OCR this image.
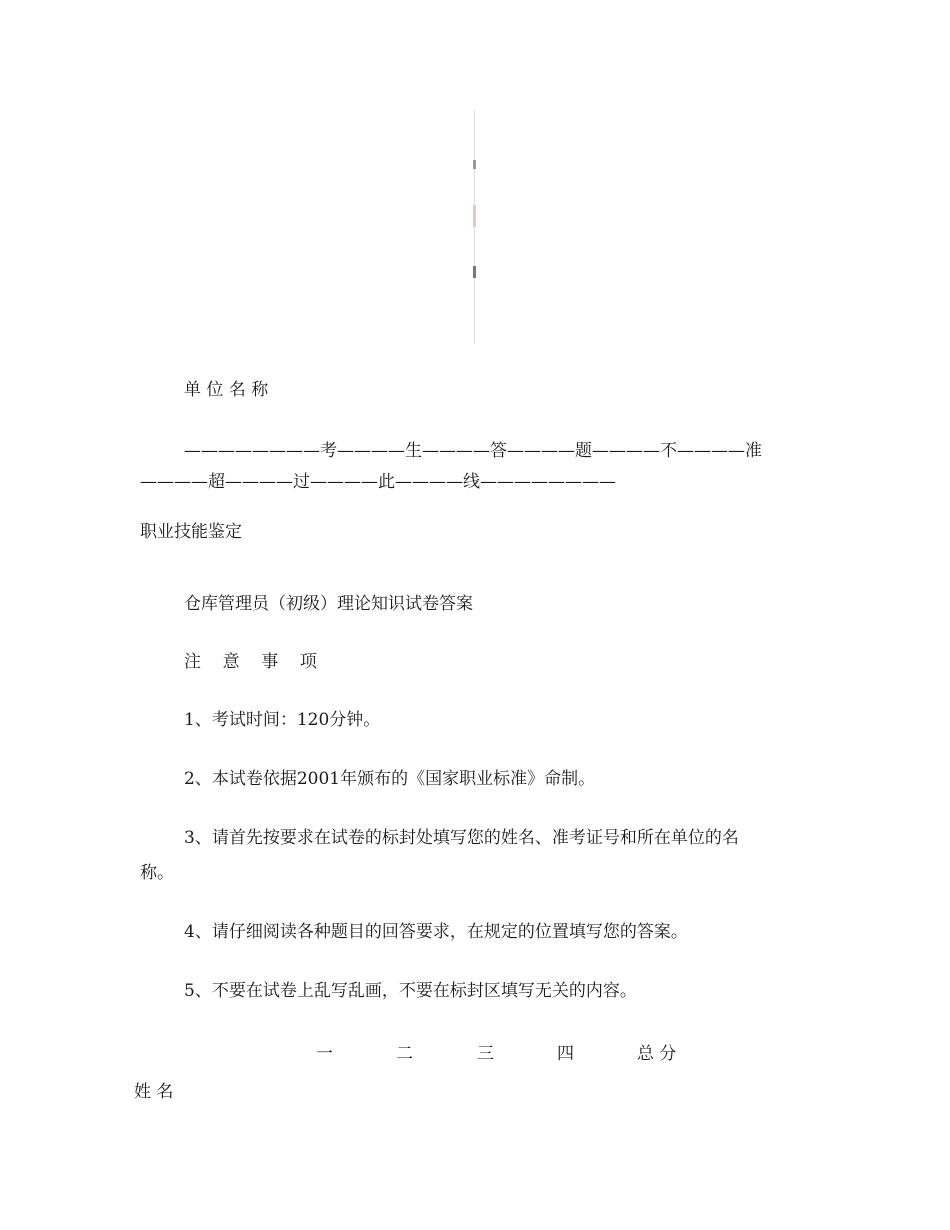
单 位 名 称
————————考————生————答————题————不————准————超————过————此————线————————
职业技能鉴定
仓库管理员（初级）理论知识试卷答案
注    意    事    项
1、考试时间：120分钟。
2、本试卷依据2001年颁布的《国家职业标准》命制。
3、请首先按要求在试卷的标封处填写您的姓名、准考证号和所在单位的名
称。
4、请仔细阅读各种题目的回答要求，在规定的位置填写您的答案。
5、不要在试卷上乱写乱画，不要在标封区填写无关的内容。
一	二	三	四	总 分
姓 名
